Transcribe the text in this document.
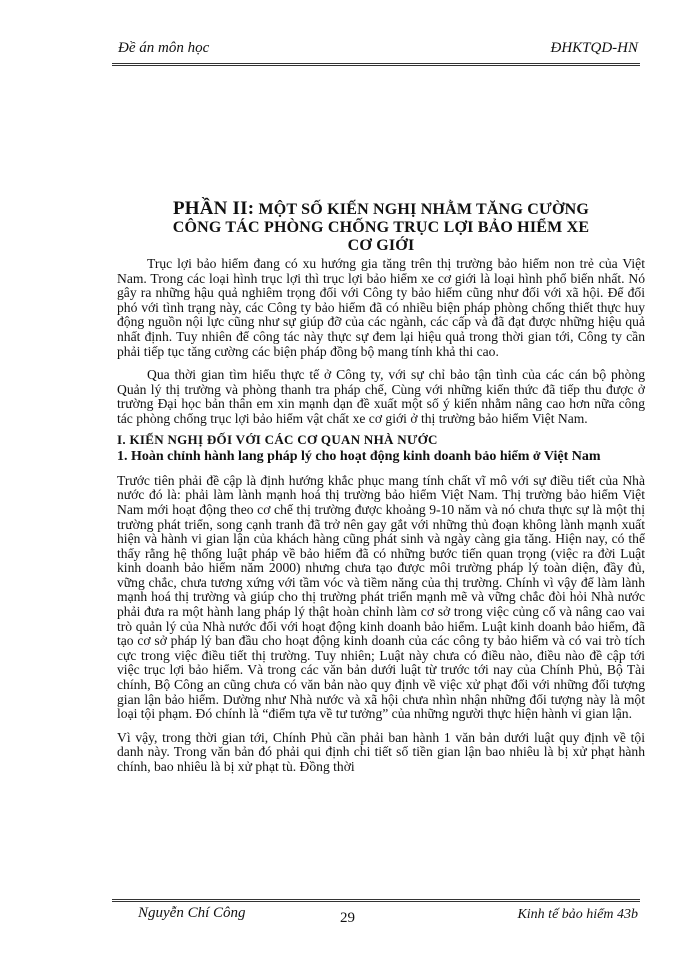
Đề án môn học	ĐHKTQD-HN
PHẦN II: MỘT SỐ KIẾN NGHỊ NHẰM TĂNG CƯỜNG
CÔNG TÁC PHÒNG CHỐNG TRỤC LỢI BẢO HIỂM XE
CƠ GIỚI

Trục lợi bảo hiểm đang có xu hướng gia tăng trên thị trường bảo hiểm non trẻ của Việt Nam. Trong các loại hình trục lợi thì trục lợi bảo hiểm xe cơ giới là loại hình phổ biến nhất. Nó gây ra những hậu quả nghiêm trọng đối với Công ty bảo hiểm cũng như đối với xã hội. Để đối phó với tình trạng này, các Công ty bảo hiểm đã có nhiều biện pháp phòng chống thiết thực huy động nguồn nội lực cũng như sự giúp đỡ của các ngành, các cấp và đã đạt được những hiệu quả nhất định. Tuy nhiên để công tác này thực sự đem lại hiệu quả trong thời gian tới, Công ty cần phải tiếp tục tăng cường các biện pháp đồng bộ mang tính khả thi cao.

Qua thời gian tìm hiểu thực tế ở Công ty, với sự chỉ bảo tận tình của các cán bộ phòng Quản lý thị trường và phòng thanh tra pháp chế, Cùng với những kiến thức đã tiếp thu được ở trường Đại học bản thân em xin mạnh dạn đề xuất một số ý kiến nhằm nâng cao hơn nữa công tác phòng chống trục lợi bảo hiểm vật chất xe cơ giới ở thị trường bảo hiểm Việt Nam.

I. KIẾN NGHỊ ĐỐI VỚI CÁC CƠ QUAN NHÀ NƯỚC

1. Hoàn chỉnh hành lang pháp lý cho hoạt động kinh doanh bảo hiểm ở Việt Nam

Trước tiên phải đề cập là định hướng khắc phục mang tính chất vĩ mô với sự điều tiết của Nhà nước đó là: phải làm lành mạnh hoá thị trường bảo hiểm Việt Nam. Thị trường bảo hiểm Việt Nam mới hoạt động theo cơ chế thị trường được khoảng 9-10 năm và nó chưa thực sự là một thị trường phát triển, song cạnh tranh đã trở nên gay gắt với những thủ đoạn không lành mạnh xuất hiện và hành vi gian lận của khách hàng cũng phát sinh và ngày càng gia tăng. Hiện nay, có thể thấy rằng hệ thống luật pháp về bảo hiểm đã có những bước tiến quan trọng (việc ra đời Luật kinh doanh bảo hiểm năm 2000) nhưng chưa tạo được môi trường pháp lý toàn diện, đầy đủ, vững chắc, chưa tương xứng với tầm vóc và tiềm năng của thị trường. Chính vì vậy để làm lành mạnh hoá thị trường và giúp cho thị trường phát triển mạnh mẽ và vững chắc đòi hỏi Nhà nước phải đưa ra một hành lang pháp lý thật hoàn chỉnh làm cơ sở trong việc củng cố và nâng cao vai trò quản lý của Nhà nước đối với hoạt động kinh doanh bảo hiểm. Luật kinh doanh bảo hiểm, đã tạo cơ sở pháp lý ban đầu cho hoạt động kinh doanh của các công ty bảo hiểm và có vai trò tích cực trong việc điều tiết thị trường. Tuy nhiên; Luật này chưa có điều nào, điều nào đề cập tới việc trục lợi bảo hiểm. Và trong các văn bản dưới luật từ trước tới nay của Chính Phủ, Bộ Tài chính, Bộ Công an cũng chưa có văn bản nào quy định về việc xử phạt đối với những đối tượng gian lận bảo hiểm. Dường như Nhà nước và xã hội chưa nhìn nhận những đối tượng này là một loại tội phạm. Đó chính là “điểm tựa về tư tưởng” của những người thực hiện hành vi gian lận.

Vì vậy, trong thời gian tới, Chính Phủ cần phải ban hành 1 văn bản dưới luật quy định về tội danh này. Trong văn bản đó phải qui định chi tiết số tiền gian lận bao nhiêu là bị xử phạt hành chính, bao nhiêu là bị xử phạt tù. Đồng thời

Nguyễn Chí Công	29	Kinh tế bảo hiểm 43b
